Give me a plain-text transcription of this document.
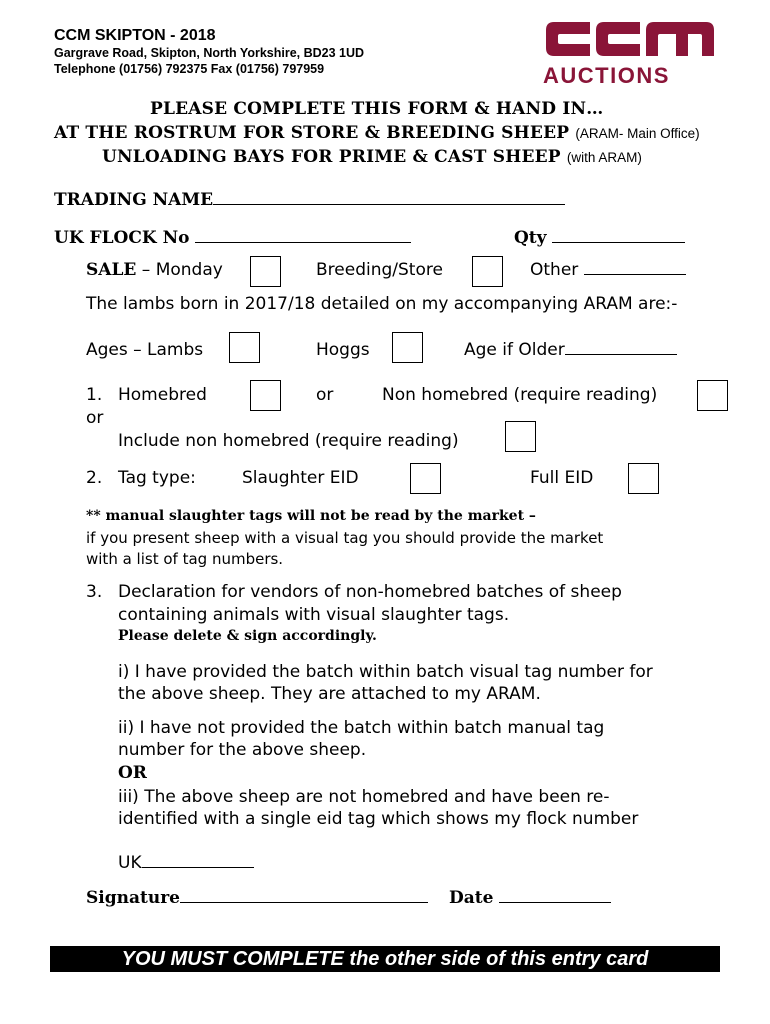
CCM SKIPTON - 2018
Gargrave Road, Skipton, North Yorkshire, BD23 1UD
Telephone (01756) 792375 Fax (01756) 797959	AUCTIONS
PLEASE COMPLETE THIS FORM & HAND IN…
AT THE ROSTRUM FOR STORE & BREEDING SHEEP (ARAM- Main Office)
UNLOADING BAYS FOR PRIME & CAST SHEEP (with ARAM)
TRADING NAME
UK FLOCK No	Qty
SALE – Monday	Breeding/Store	Other
The lambs born in 2017/18 detailed on my accompanying ARAM are:-
Ages – Lambs	Hoggs	Age if Older
1. Homebred	or	Non homebred (require reading)
or
Include non homebred (require reading)
2. Tag type:	Slaughter EID	Full EID
** manual slaughter tags will not be read by the market –
if you present sheep with a visual tag you should provide the market
with a list of tag numbers.
3. Declaration for vendors of non-homebred batches of sheep
containing animals with visual slaughter tags.
Please delete & sign accordingly.
i) I have provided the batch within batch visual tag number for
the above sheep. They are attached to my ARAM.
ii) I have not provided the batch within batch manual tag
number for the above sheep.
OR
iii) The above sheep are not homebred and have been re-
identified with a single eid tag which shows my flock number
UK
Signature	Date
YOU MUST COMPLETE the other side of this entry card
